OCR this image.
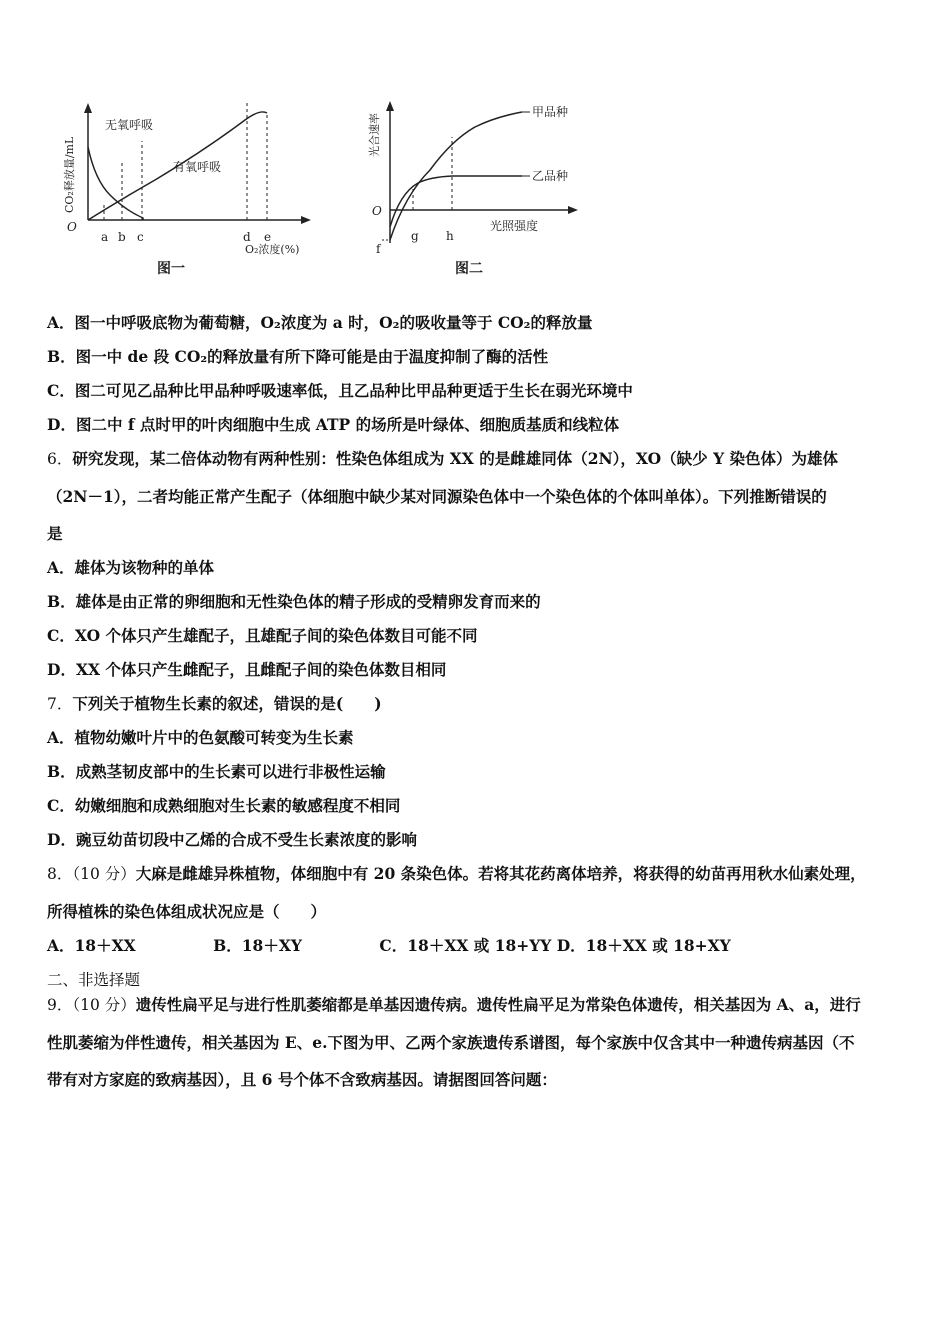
CO₂释放量/mL
O
无氧呼吸
有氧呼吸
a b c	d e
O₂浓度(%)
图一
光合速率
O
甲品种
乙品种
f
g h
光照强度
图二
A．图一中呼吸底物为葡萄糖，O₂浓度为 a 时，O₂的吸收量等于 CO₂的释放量
B．图一中 de 段 CO₂的释放量有所下降可能是由于温度抑制了酶的活性
C．图二可见乙品种比甲品种呼吸速率低，且乙品种比甲品种更适于生长在弱光环境中
D．图二中 f 点时甲的叶肉细胞中生成 ATP 的场所是叶绿体、细胞质基质和线粒体
6．研究发现，某二倍体动物有两种性别：性染色体组成为 XX 的是雌雄同体（2N），XO（缺少 Y 染色体）为雄体
（2N－1），二者均能正常产生配子（体细胞中缺少某对同源染色体中一个染色体的个体叫单体）。下列推断错误的
是
A．雄体为该物种的单体
B．雄体是由正常的卵细胞和无性染色体的精子形成的受精卵发育而来的
C．XO 个体只产生雄配子，且雄配子间的染色体数目可能不同
D．XX 个体只产生雌配子，且雌配子间的染色体数目相同
7．下列关于植物生长素的叙述，错误的是(　　)
A．植物幼嫩叶片中的色氨酸可转变为生长素
B．成熟茎韧皮部中的生长素可以进行非极性运输
C．幼嫩细胞和成熟细胞对生长素的敏感程度不相同
D．豌豆幼苗切段中乙烯的合成不受生长素浓度的影响
8．（10 分）大麻是雌雄异株植物，体细胞中有 20 条染色体。若将其花药离体培养，将获得的幼苗再用秋水仙素处理，
所得植株的染色体组成状况应是（　　）
A．18＋XX　　　　　B．18＋XY　　　　　C．18＋XX 或 18+YY D．18＋XX 或 18+XY
二、非选择题
9．（10 分）遗传性扁平足与进行性肌萎缩都是单基因遗传病。遗传性扁平足为常染色体遗传，相关基因为 A、a，进行
性肌萎缩为伴性遗传，相关基因为 E、e.下图为甲、乙两个家族遗传系谱图，每个家族中仅含其中一种遗传病基因（不
带有对方家庭的致病基因），且 6 号个体不含致病基因。请据图回答问题：
